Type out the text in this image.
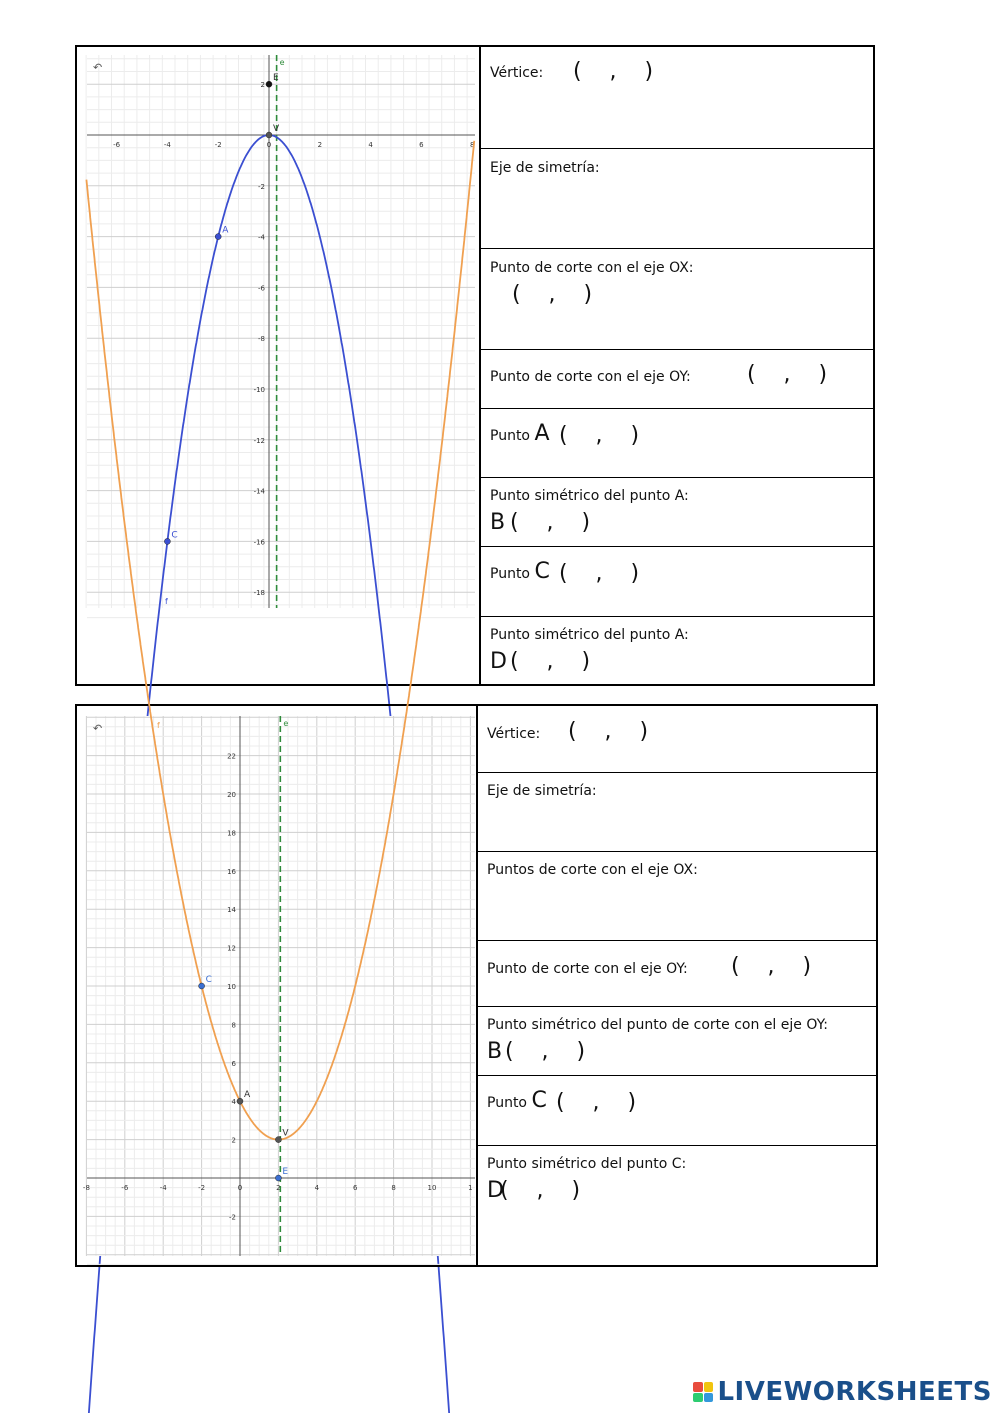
-6	-4	-2	0	2	4	6	8
2
-2
-4
-6
-8
-10
-12
-14
-16
-18
e
f
E
V
A
C
↶	Vértice: (    ,    )
Eje de simetría:
Punto de corte con el eje OX:
(    ,    )
Punto de corte con el eje OY:	(    ,    )
Punto A (    ,    )
Punto simétrico del punto A:
B (    ,    )
Punto C (    ,    )
Punto simétrico del punto A:
D (    ,    )
-8	-6	-4	-2	0	2	4	6	8	10	1
22
20
18
16
14
12
10
8
6
4
2
-2
e
f
C
A
V
E
↶	Vértice: (    ,    )
Eje de simetría:
Puntos de corte con el eje OX:
Punto de corte con el eje OY: (    ,    )
Punto simétrico del punto de corte con el eje OY:
B (    ,    )
Punto C (    ,    )
Punto simétrico del punto C:
D
(    ,    )
LIVEWORKSHEETS
